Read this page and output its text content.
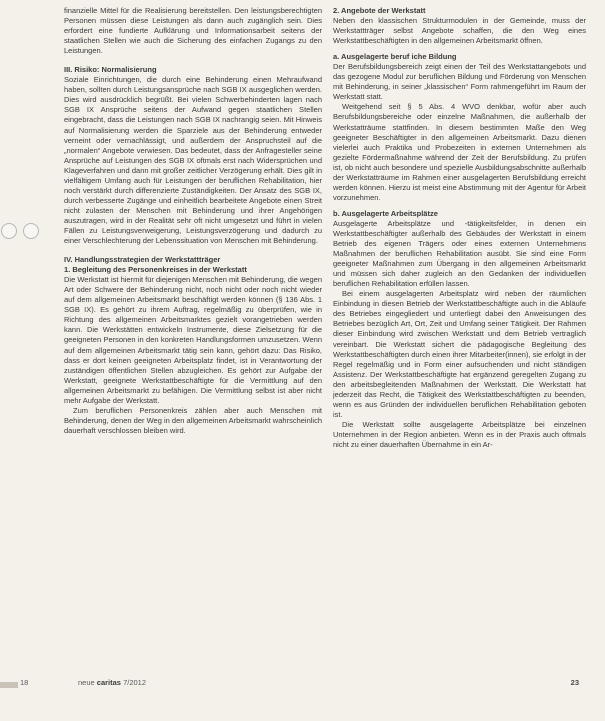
finanzielle Mittel für die Realisierung bereitstellen. Den leistungsberechtigten Personen müssen diese Leistungen als dann auch zugänglich sein. Dies erfordert eine fundierte Aufklärung und Informationsarbeit seitens der staatlichen Stellen wie auch die Sicherung des einfachen Zugangs zu den Leistungen.

III. Risiko: Normalisierung

Soziale Einrichtungen, die durch eine Behinderung einen Mehraufwand haben, sollten durch Leistungsansprüche nach SGB IX ausgeglichen werden. Dies wird ausdrücklich begrüßt. Bei vielen Schwerbehinderten lagen nach SGB IX Ansprüche seitens der Aufwand gegen staatlichen Stellen eingebracht, dass die Leistungen nach SGB IX nachrangig seien. Mit Hinweis auf Normalisierung werden die Sparziele aus der Behinderung entweder verneint oder vernachlässigt, und außerdem der Anspruchsteil auf die „normalen“ Angebote verwiesen. Das bedeutet, dass der Anfragesteller seine Ansprüche auf Leistungen des SGB IX oftmals erst nach Widersprüchen und Klageverfahren und dann mit großer zeitlicher Verzögerung erhält. Dies gilt in vielfältigem Umfang auch für Leistungen der beruflichen Rehabilitation, hier noch verstärkt durch differenzierte Zuständigkeiten. Der Ansatz des SGB IX, durch verbesserte Zugänge und einheitlich bearbeitete Angebote einen Streit nicht zulasten der Menschen mit Behinderung und ihrer Angehörigen auszutragen, wird in der Realität sehr oft nicht umgesetzt und führt in vielen Fällen zu Leistungsverweigerung, Leistungsverzögerung und dadurch zu einer Verschlechterung der Lebenssituation von Menschen mit Behinderung.

IV. Handlungsstrategien der Werkstattträger
1. Begleitung des Personenkreises in der Werkstatt

Die Werkstatt ist hiermit für diejenigen Menschen mit Behinderung, die wegen Art oder Schwere der Behinderung nicht, noch nicht oder noch nicht wieder auf dem allgemeinen Arbeitsmarkt beschäftigt werden können (§ 136 Abs. 1 SGB IX). Es gehört zu ihrem Auftrag, regelmäßig zu überprüfen, wie in Richtung des allgemeinen Arbeitsmarktes gezielt vorangetrieben werden kann. Die Werkstätten entwickeln Instrumente, diese Zielsetzung für die geeigneten Personen in den konkreten Handlungsformen umzusetzen. Wenn auf dem allgemeinen Arbeitsmarkt tätig sein kann, gehört dazu: Das Risiko, dass er dort keinen geeigneten Arbeitsplatz findet, ist in Verantwortung der zuständigen öffentlichen Stellen abzugleichen. Es gehört zur Aufgabe der Werkstatt, geeignete Werkstattbeschäftigte für die Vermittlung auf den allgemeinen Arbeitsmarkt zu befähigen. Die Vermittlung selbst ist aber nicht mehr Aufgabe der Werkstatt.

Zum beruflichen Personenkreis zählen aber auch Menschen mit Behinderung, denen der Weg in den allgemeinen Arbeitsmarkt wahrscheinlich dauerhaft verschlossen bleiben wird.

2. Angebote der Werkstatt

Neben den klassischen Strukturmodulen in der Gemeinde, muss der Werkstattträger selbst Angebote schaffen, die den Weg eines Werkstattbeschäftigten in den allgemeinen Arbeitsmarkt öffnen.

a. Ausgelagerte beruf iche Bildung

Der Berufsbildungsbereich zeigt einen der Teil des Werkstattangebots und das gezogene Modul zur beruflichen Bildung und Förderung von Menschen mit Behinderung, in seiner „klassischen“ Form rahmengeführt im Raum der Werkstatt statt.

Weitgehend seit § 5 Abs. 4 WVO denkbar, wofür aber auch Berufsbildungsbereiche oder einzelne Maßnahmen, die außerhalb der Werkstatträume stattfinden. In diesem bestimmten Maße den Weg geeigneter Beschäftigter in den allgemeinen Arbeitsmarkt. Dazu dienen vielerlei auch Praktika und Probezeiten in externen Unternehmen als gezielte Fördermaßnahme während der Zeit der Berufsbildung. Zu prüfen ist, ob nicht auch besondere und spezielle Ausbildungsabschnitte außerhalb der Werkstatträume im Rahmen einer ausgelagerten Berufsbildung erreicht werden können. Hierzu ist meist eine Abstimmung mit der Agentur für Arbeit vorzunehmen.

b. Ausgelagerte Arbeitsplätze

Ausgelagerte Arbeitsplätze und -tätigkeitsfelder, in denen ein Werkstattbeschäftigter außerhalb des Gebäudes der Werkstatt in einem Betrieb des eigenen Trägers oder eines externen Unternehmens Maßnahmen der beruflichen Rehabilitation ausübt. Sie sind eine Form geeigneter Maßnahmen zum Übergang in den allgemeinen Arbeitsmarkt und müssen sich daher zugleich an den Gedanken der individuellen beruflichen Rehabilitation erfüllen lassen.

Bei einem ausgelagerten Arbeitsplatz wird neben der räumlichen Einbindung in diesen Betrieb der Werkstattbeschäftigte auch in die Abläufe des Betriebes eingegliedert und unterliegt dabei den Anweisungen des Betriebes bezüglich Art, Ort, Zeit und Umfang seiner Tätigkeit. Der Rahmen dieser Einbindung wird zwischen Werkstatt und dem Betrieb vertraglich vereinbart. Die Werkstatt sichert die pädagogische Begleitung des Werkstattbeschäftigten durch einen ihrer Mitarbeiter(innen), sie erfolgt in der Regel regelmäßig und in Form einer aufsuchenden und nicht ständigen Assistenz. Der Werkstattbeschäftigte hat ergänzend geregelten Zugang zu den arbeitsbegleitenden Maßnahmen der Werkstatt. Die Werkstatt hat jederzeit das Recht, die Tätigkeit des Werkstattbeschäftigten zu beenden, wenn es aus Gründen der individuellen beruflichen Rehabilitation geboten ist.

Die Werkstatt sollte ausgelagerte Arbeitsplätze bei einzelnen Unternehmen in der Region anbieten. Wenn es in der Praxis auch oftmals nicht zu einer dauerhaften Übernahme in ein Ar-

18	neue caritas 7/2012	23
